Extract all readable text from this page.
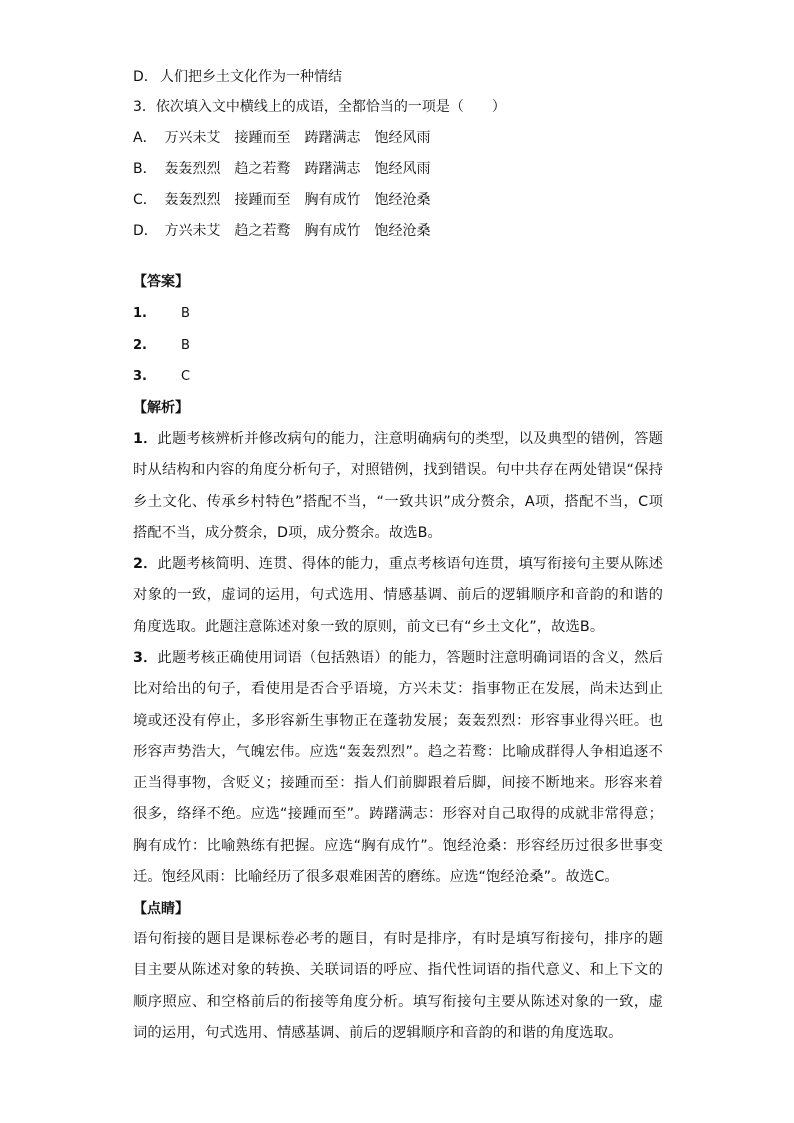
D． 人们把乡土文化作为一种情结
3．依次填入文中横线上的成语，全都恰当的一项是（　　）
A． 万兴未艾 接踵而至 踌躇满志 饱经风雨
B． 轰轰烈烈 趋之若鹜 踌躇满志 饱经风雨
C． 轰轰烈烈 接踵而至 胸有成竹 饱经沧桑
D． 方兴未艾 趋之若鹜 胸有成竹 饱经沧桑
【答案】
1.	B
2.	B
3.	C
【解析】
1．此题考核辨析并修改病句的能力，注意明确病句的类型，以及典型的错例，答题时从结构和内容的角度分析句子，对照错例，找到错误。句中共存在两处错误“保持乡土文化、传承乡村特色”搭配不当，“一致共识”成分赘余，A项，搭配不当，C项搭配不当，成分赘余，D项，成分赘余。故选B。
2．此题考核简明、连贯、得体的能力，重点考核语句连贯，填写衔接句主要从陈述对象的一致，虚词的运用，句式选用、情感基调、前后的逻辑顺序和音韵的和谐的角度选取。此题注意陈述对象一致的原则，前文已有“乡土文化”，故选B。
3．此题考核正确使用词语（包括熟语）的能力，答题时注意明确词语的含义，然后比对给出的句子，看使用是否合乎语境，方兴未艾：指事物正在发展，尚未达到止境或还没有停止，多形容新生事物正在蓬勃发展；轰轰烈烈：形容事业得兴旺。也形容声势浩大，气魄宏伟。应选“轰轰烈烈”。趋之若鹜：比喻成群得人争相追逐不正当得事物，含贬义；接踵而至：指人们前脚跟着后脚，间接不断地来。形容来着很多，络绎不绝。应选“接踵而至”。踌躇满志：形容对自己取得的成就非常得意；胸有成竹：比喻熟练有把握。应选“胸有成竹”。饱经沧桑：形容经历过很多世事变迁。饱经风雨：比喻经历了很多艰难困苦的磨练。应选“饱经沧桑”。故选C。
【点睛】
语句衔接的题目是课标卷必考的题目，有时是排序，有时是填写衔接句，排序的题目主要从陈述对象的转换、关联词语的呼应、指代性词语的指代意义、和上下文的顺序照应、和空格前后的衔接等角度分析。填写衔接句主要从陈述对象的一致，虚词的运用，句式选用、情感基调、前后的逻辑顺序和音韵的和谐的角度选取。
